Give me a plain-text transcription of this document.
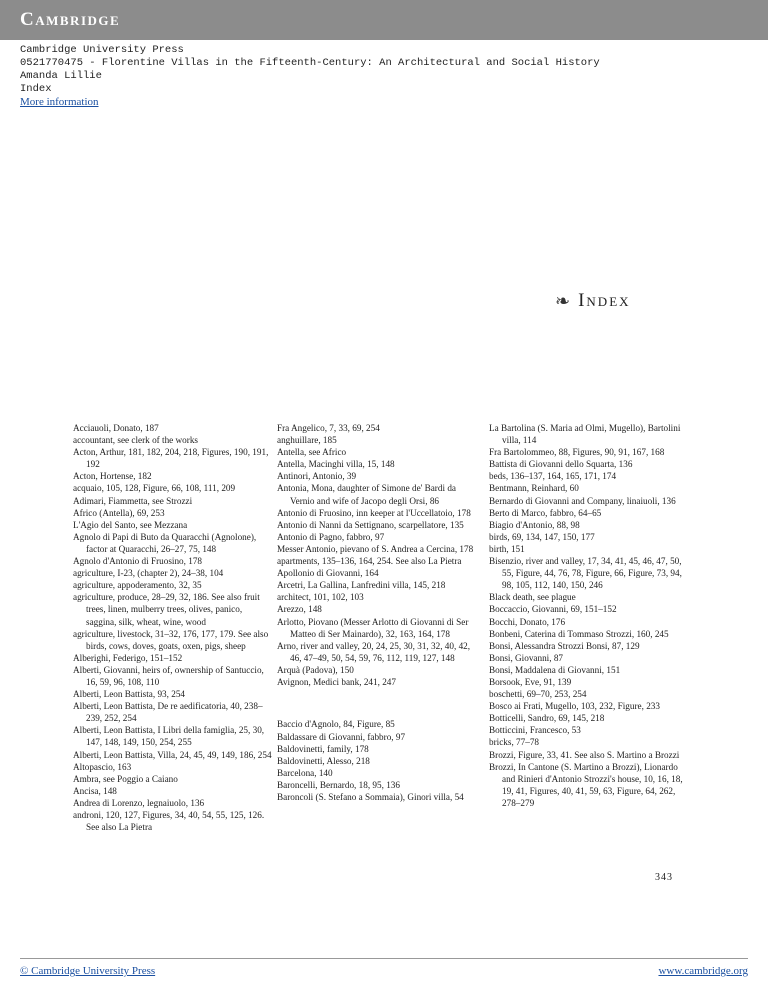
Cambridge
Cambridge University Press
0521770475 - Florentine Villas in the Fifteenth-Century: An Architectural and Social History
Amanda Lillie
Index
More information
❧ Index

Acciauoli, Donato, 187

accountant, see clerk of the works

Acton, Arthur, 181, 182, 204, 218, Figures, 190, 191, 192

Acton, Hortense, 182

acquaio, 105, 128, Figure, 66, 108, 111, 209

Adimari, Fiammetta, see Strozzi

Africo (Antella), 69, 253

L'Agio del Santo, see Mezzana

Agnolo di Papi di Buto da Quaracchi (Agnolone), factor at Quaracchi, 26–27, 75, 148

Agnolo d'Antonio di Fruosino, 178

agriculture, I-23, (chapter 2), 24–38, 104

agriculture, appoderamento, 32, 35

agriculture, produce, 28–29, 32, 186. See also fruit trees, linen, mulberry trees, olives, panico, saggina, silk, wheat, wine, wood

agriculture, livestock, 31–32, 176, 177, 179. See also birds, cows, doves, goats, oxen, pigs, sheep

Alberighi, Federigo, 151–152

Alberti, Giovanni, heirs of, ownership of Santuccio, 16, 59, 96, 108, 110

Alberti, Leon Battista, 93, 254

Alberti, Leon Battista, De re aedificatoria, 40, 238–239, 252, 254

Alberti, Leon Battista, I Libri della famiglia, 25, 30, 147, 148, 149, 150, 254, 255

Alberti, Leon Battista, Villa, 24, 45, 49, 149, 186, 254

Altopascio, 163

Ambra, see Poggio a Caiano

Ancisa, 148

Andrea di Lorenzo, legnaiuolo, 136

androni, 120, 127, Figures, 34, 40, 54, 55, 125, 126. See also La Pietra

Fra Angelico, 7, 33, 69, 254

anghuillare, 185

Antella, see Africo

Antella, Macinghi villa, 15, 148

Antinori, Antonio, 39

Antonia, Mona, daughter of Simone de' Bardi da Vernio and wife of Jacopo degli Orsi, 86

Antonio di Fruosino, inn keeper at l'Uccellatoio, 178

Antonio di Nanni da Settignano, scarpellatore, 135

Antonio di Pagno, fabbro, 97

Messer Antonio, pievano of S. Andrea a Cercina, 178

apartments, 135–136, 164, 254. See also La Pietra

Apollonio di Giovanni, 164

Arcetri, La Gallina, Lanfredini villa, 145, 218

architect, 101, 102, 103

Arezzo, 148

Arlotto, Piovano (Messer Arlotto di Giovanni di Ser Matteo di Ser Mainardo), 32, 163, 164, 178

Arno, river and valley, 20, 24, 25, 30, 31, 32, 40, 42, 46, 47–49, 50, 54, 59, 76, 112, 119, 127, 148

Arquà (Padova), 150

Avignon, Medici bank, 241, 247

Baccio d'Agnolo, 84, Figure, 85

Baldassare di Giovanni, fabbro, 97

Baldovinetti, family, 178

Baldovinetti, Alesso, 218

Barcelona, 140

Baroncelli, Bernardo, 18, 95, 136

Baroncoli (S. Stefano a Sommaia), Ginori villa, 54

La Bartolina (S. Maria ad Olmi, Mugello), Bartolini villa, 114

Fra Bartolommeo, 88, Figures, 90, 91, 167, 168

Battista di Giovanni dello Squarta, 136

beds, 136–137, 164, 165, 171, 174

Bentmann, Reinhard, 60

Bernardo di Giovanni and Company, linaiuoli, 136

Berto di Marco, fabbro, 64–65

Biagio d'Antonio, 88, 98

birds, 69, 134, 147, 150, 177

birth, 151

Bisenzio, river and valley, 17, 34, 41, 45, 46, 47, 50, 55, Figure, 44, 76, 78, Figure, 66, Figure, 73, 94, 98, 105, 112, 140, 150, 246

Black death, see plague

Boccaccio, Giovanni, 69, 151–152

Bocchi, Donato, 176

Bonbeni, Caterina di Tommaso Strozzi, 160, 245

Bonsi, Alessandra Strozzi Bonsi, 87, 129

Bonsi, Giovanni, 87

Bonsi, Maddalena di Giovanni, 151

Borsook, Eve, 91, 139

boschetti, 69–70, 253, 254

Bosco ai Frati, Mugello, 103, 232, Figure, 233

Botticelli, Sandro, 69, 145, 218

Botticcini, Francesco, 53

bricks, 77–78

Brozzi, Figure, 33, 41. See also S. Martino a Brozzi

Brozzi, In Cantone (S. Martino a Brozzi), Lionardo and Rinieri d'Antonio Strozzi's house, 10, 16, 18, 19, 41, Figures, 40, 41, 59, 63, Figure, 64, 262, 278–279

343
© Cambridge University Press	www.cambridge.org
